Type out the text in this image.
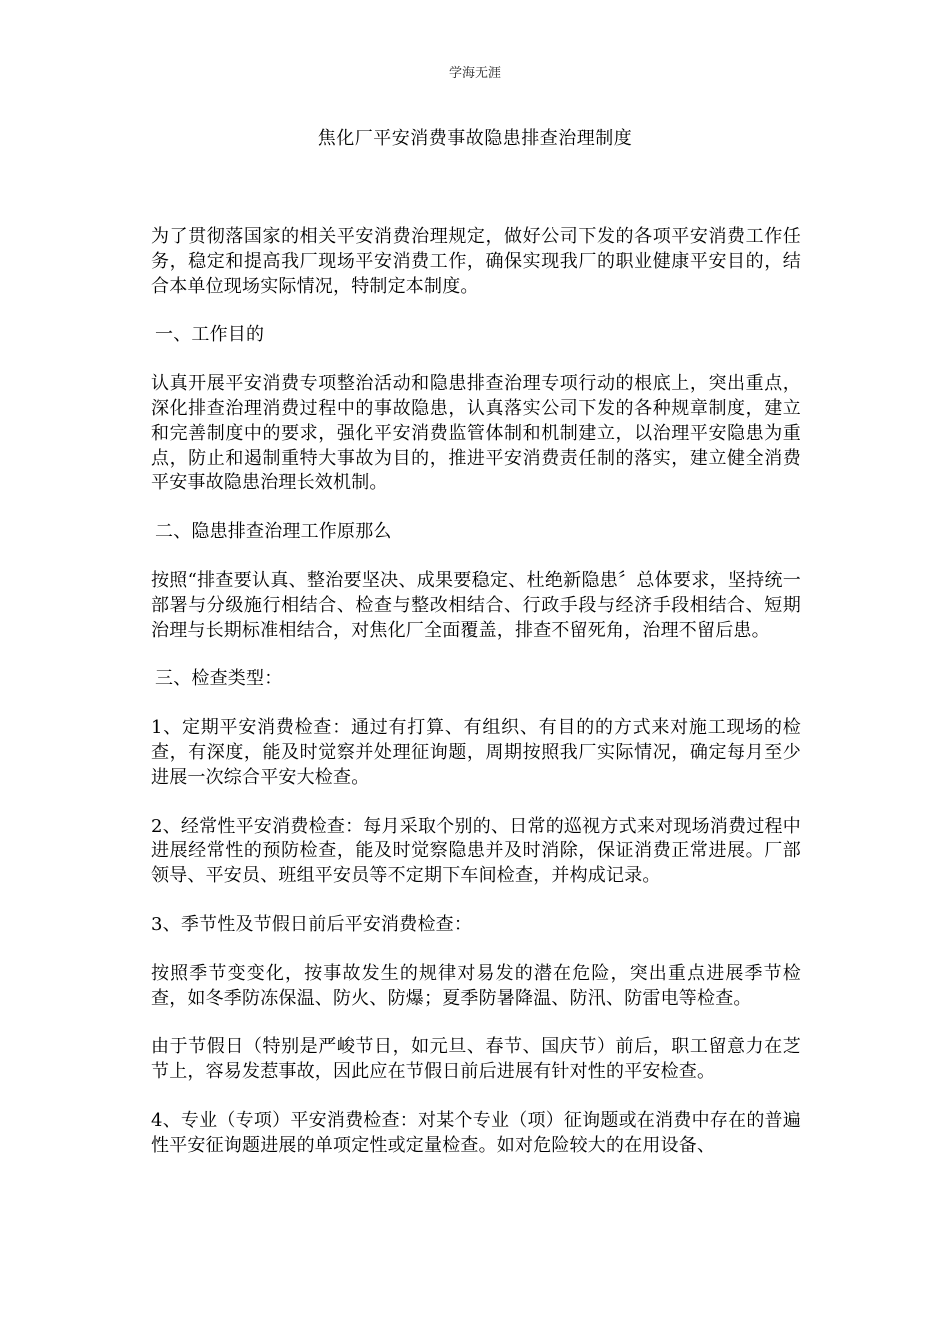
学海无涯
焦化厂平安消费事故隐患排查治理制度

为了贯彻落国家的相关平安消费治理规定，做好公司下发的各项平安消费工作任务，稳定和提高我厂现场平安消费工作，确保实现我厂的职业健康平安目的，结合本单位现场实际情况，特制定本制度。

一、工作目的

认真开展平安消费专项整治活动和隐患排查治理专项行动的根底上，突出重点，深化排查治理消费过程中的事故隐患，认真落实公司下发的各种规章制度，建立和完善制度中的要求，强化平安消费监管体制和机制建立，以治理平安隐患为重点，防止和遏制重特大事故为目的，推进平安消费责任制的落实，建立健全消费平安事故隐患治理长效机制。

二、隐患排查治理工作原那么

按照“排查要认真、整治要坚决、成果要稳定、杜绝新隐患〞总体要求，坚持统一部署与分级施行相结合、检查与整改相结合、行政手段与经济手段相结合、短期治理与长期标准相结合，对焦化厂全面覆盖，排查不留死角，治理不留后患。

三、检查类型：

1、定期平安消费检查：通过有打算、有组织、有目的的方式来对施工现场的检查，有深度，能及时觉察并处理征询题，周期按照我厂实际情况，确定每月至少进展一次综合平安大检查。

2、经常性平安消费检查：每月采取个别的、日常的巡视方式来对现场消费过程中进展经常性的预防检查，能及时觉察隐患并及时消除，保证消费正常进展。厂部领导、平安员、班组平安员等不定期下车间检查，并构成记录。

3、季节性及节假日前后平安消费检查：

按照季节变变化，按事故发生的规律对易发的潜在危险，突出重点进展季节检查，如冬季防冻保温、防火、防爆；夏季防暑降温、防汛、防雷电等检查。

由于节假日（特别是严峻节日，如元旦、春节、国庆节）前后，职工留意力在芝节上，容易发惹事故，因此应在节假日前后进展有针对性的平安检查。

4、专业（专项）平安消费检查：对某个专业（项）征询题或在消费中存在的普遍性平安征询题进展的单项定性或定量检查。如对危险较大的在用设备、
